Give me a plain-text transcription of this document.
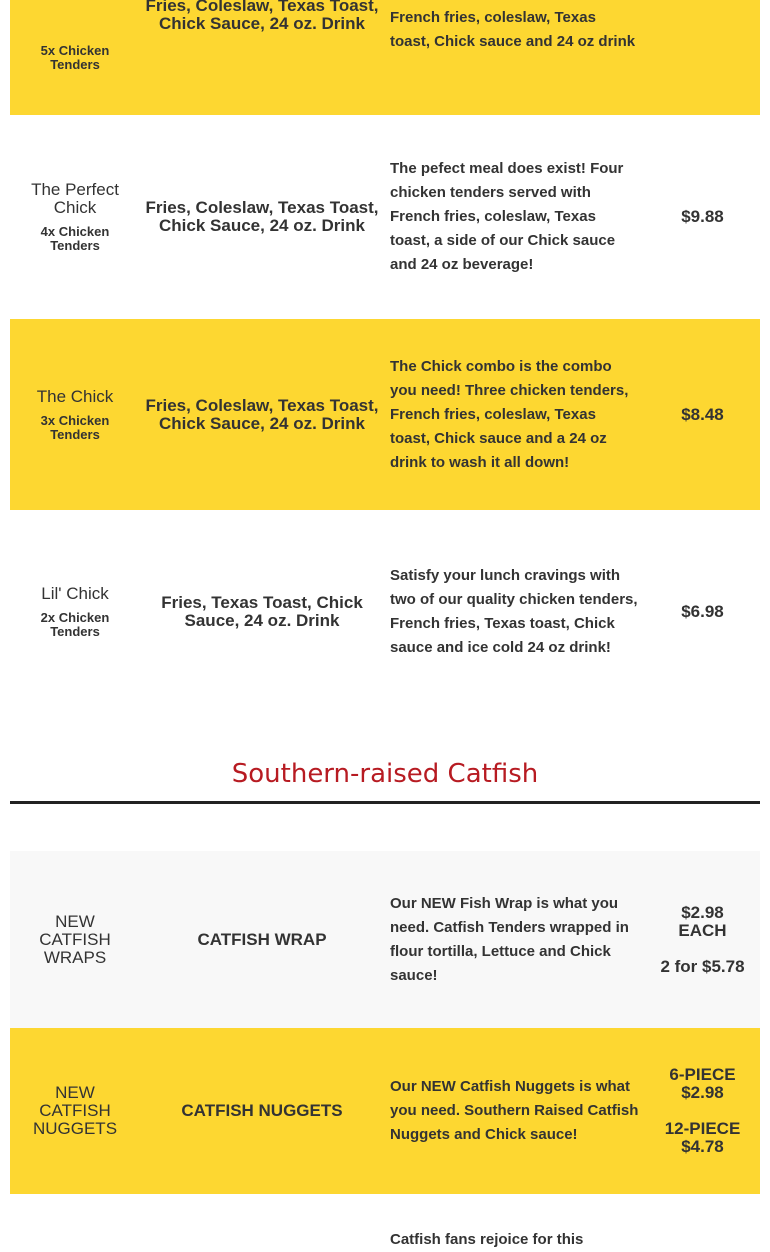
5x Chicken Tenders
Fries, Coleslaw, Texas Toast, Chick Sauce, 24 oz. Drink	French fries, coleslaw, Texas toast, Chick sauce and 24 oz drink

The Perfect Chick
4x Chicken Tenders
Fries, Coleslaw, Texas Toast, Chick Sauce, 24 oz. Drink

The pefect meal does exist! Four chicken tenders served with French fries, coleslaw, Texas toast, a side of our Chick sauce and 24 oz beverage!

$9.88
The Chick
3x Chicken Tenders
Fries, Coleslaw, Texas Toast, Chick Sauce, 24 oz. Drink

The Chick combo is the combo you need! Three chicken tenders, French fries, coleslaw, Texas toast, Chick sauce and a 24 oz drink to wash it all down!

$8.48
Lil' Chick
2x Chicken Tenders
Fries, Texas Toast, Chick Sauce, 24 oz. Drink

Satisfy your lunch cravings with two of our quality chicken tenders, French fries, Texas toast, Chick sauce and ice cold 24 oz drink!

$6.98
Southern-raised Catfish
NEW CATFISH WRAPS
CATFISH WRAP

Our NEW Fish Wrap is what you need. Catfish Tenders wrapped in flour tortilla, Lettuce and Chick sauce!

$2.98 EACH
2 for $5.78
NEW CATFISH NUGGETS
CATFISH NUGGETS

Our NEW Catfish Nuggets is what you need. Southern Raised Catfish Nuggets and Chick sauce!

6-PIECE $2.98
12-PIECE $4.78

Catfish fans rejoice for this
